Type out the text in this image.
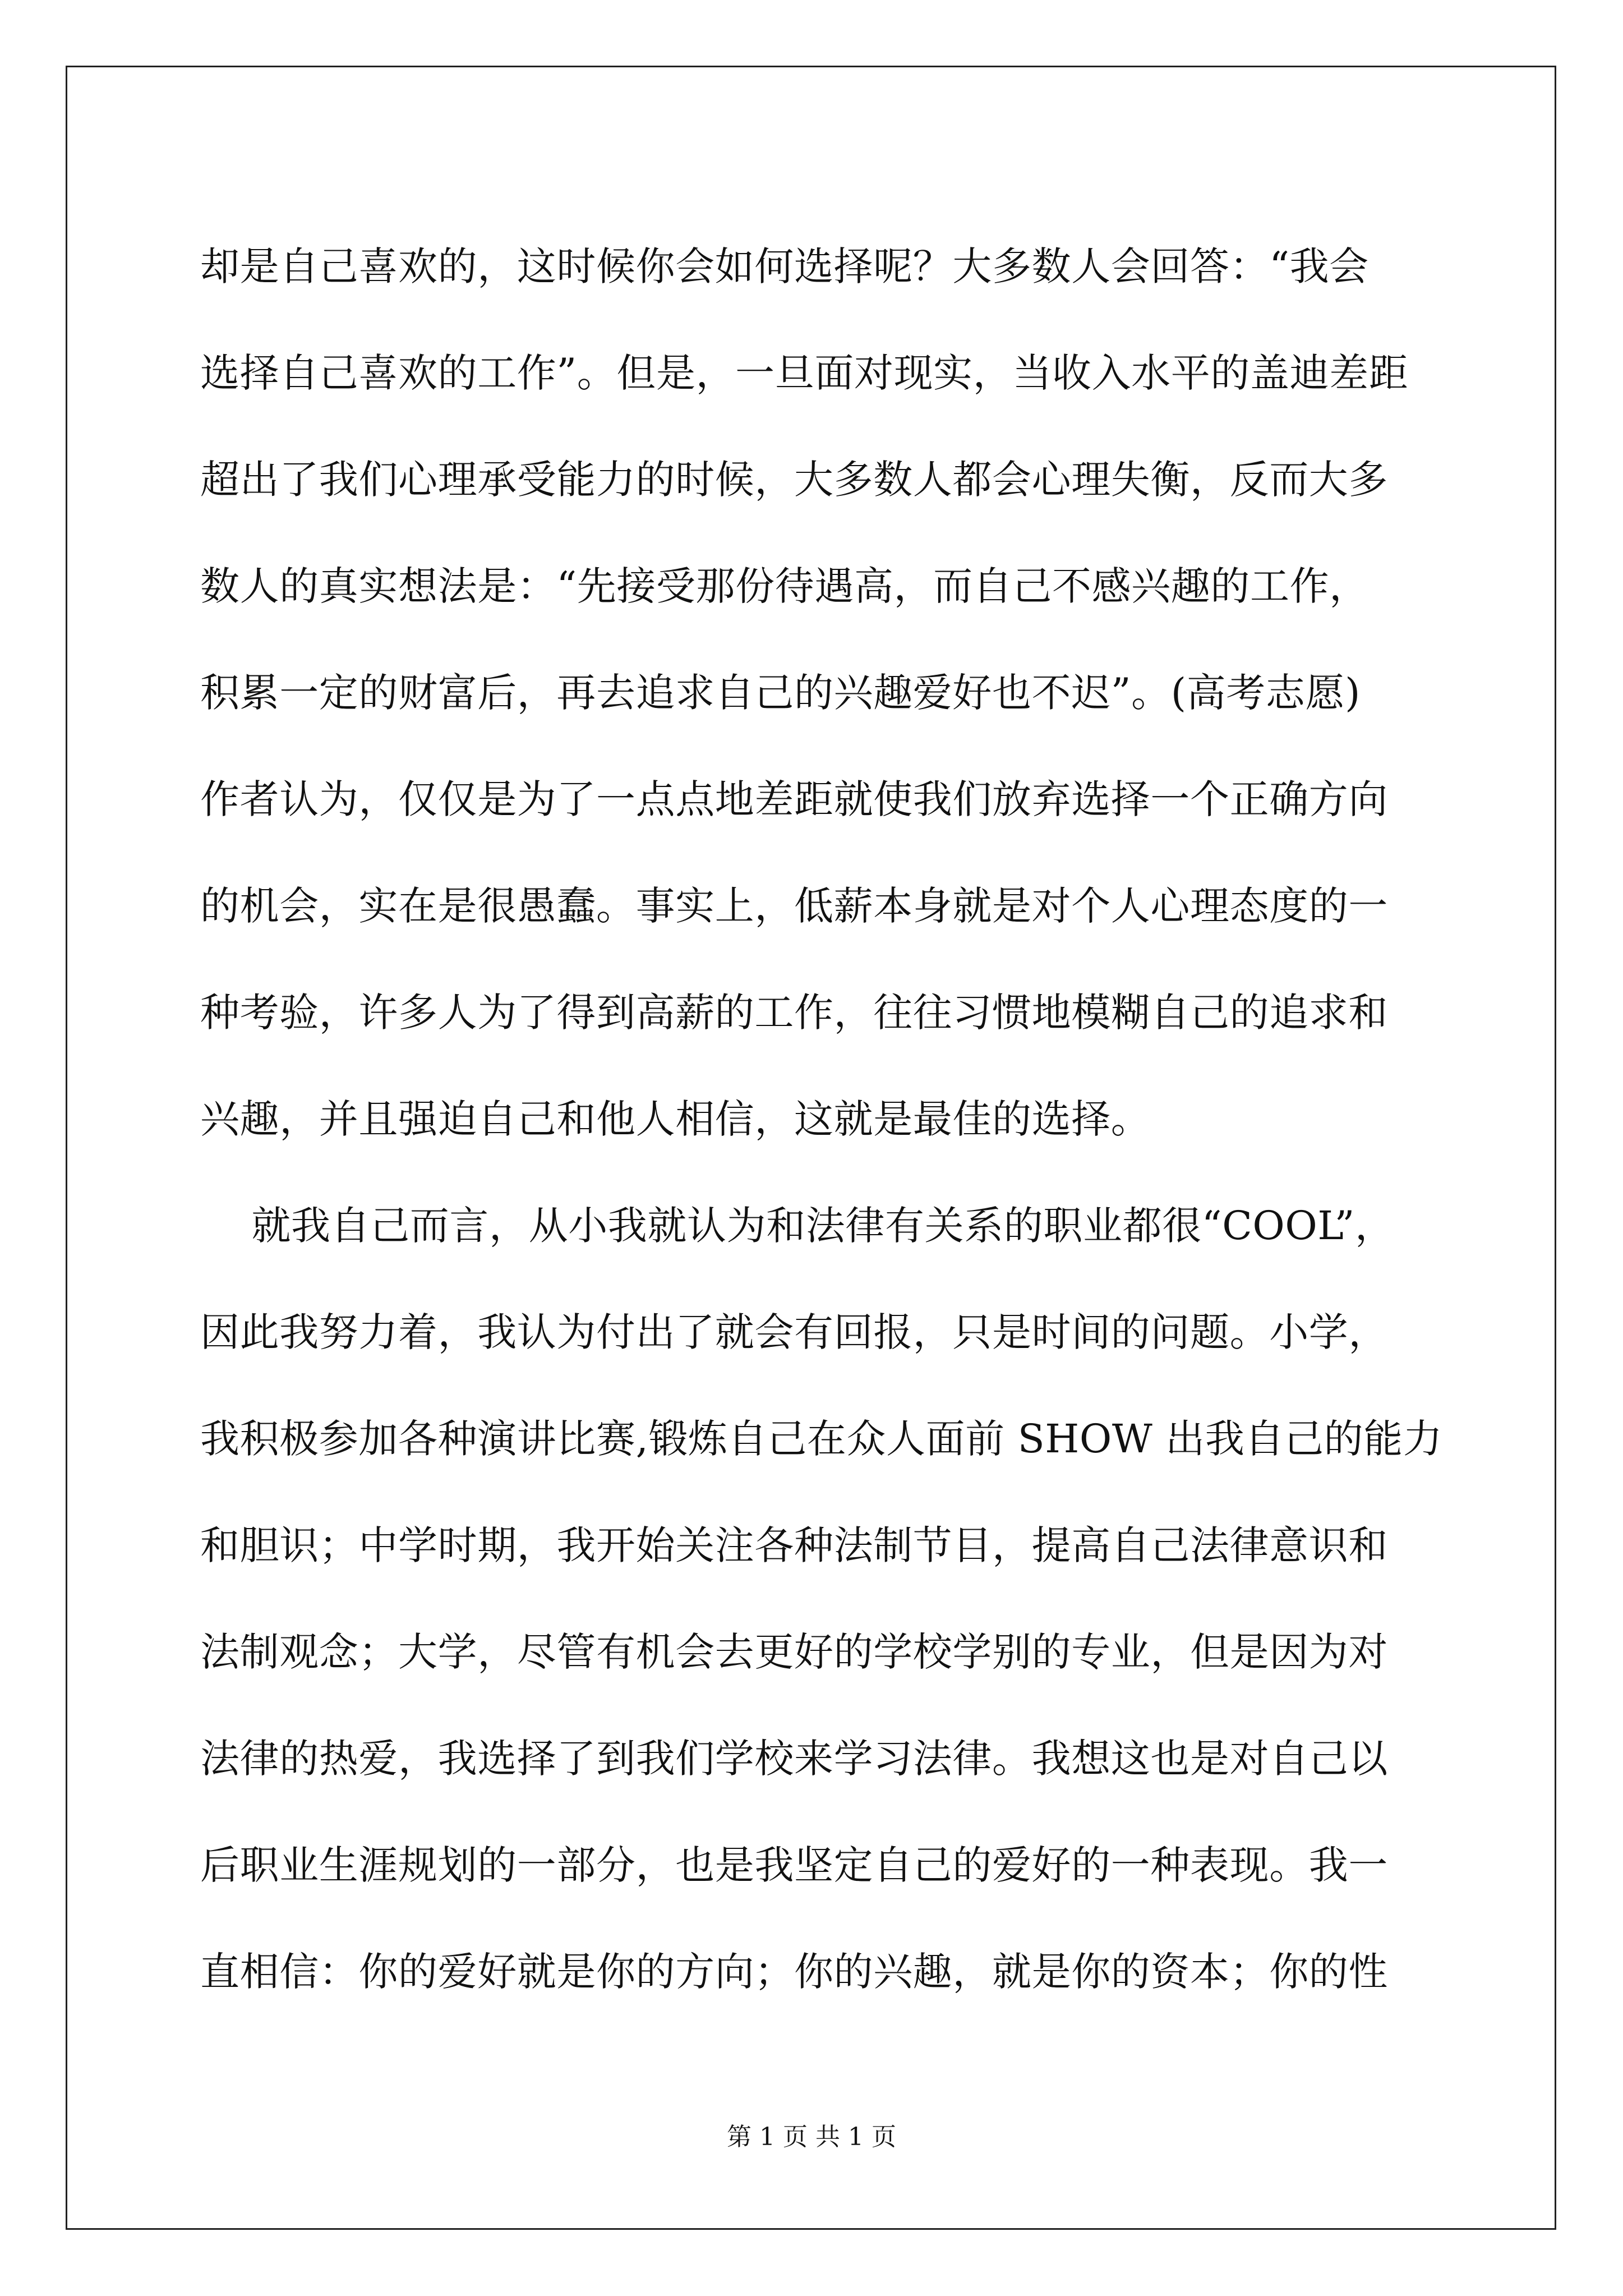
却是自己喜欢的，这时候你会如何选择呢？大多数人会回答：“我会
选择自己喜欢的工作”。但是，一旦面对现实，当收入水平的盖迪差距
超出了我们心理承受能力的时候，大多数人都会心理失衡，反而大多
数人的真实想法是：“先接受那份待遇高，而自己不感兴趣的工作，
积累一定的财富后，再去追求自己的兴趣爱好也不迟”。(高考志愿)
作者认为，仅仅是为了一点点地差距就使我们放弃选择一个正确方向
的机会，实在是很愚蠢。事实上，低薪本身就是对个人心理态度的一
种考验，许多人为了得到高薪的工作，往往习惯地模糊自己的追求和
兴趣，并且强迫自己和他人相信，这就是最佳的选择。
就我自己而言，从小我就认为和法律有关系的职业都很“COOL”，
因此我努力着，我认为付出了就会有回报，只是时间的问题。小学，
我积极参加各种演讲比赛,锻炼自己在众人面前 SHOW 出我自己的能力
和胆识；中学时期，我开始关注各种法制节目，提高自己法律意识和
法制观念；大学，尽管有机会去更好的学校学别的专业，但是因为对
法律的热爱，我选择了到我们学校来学习法律。我想这也是对自己以
后职业生涯规划的一部分，也是我坚定自己的爱好的一种表现。我一
直相信：你的爱好就是你的方向；你的兴趣，就是你的资本；你的性
第 1 页 共 1 页
